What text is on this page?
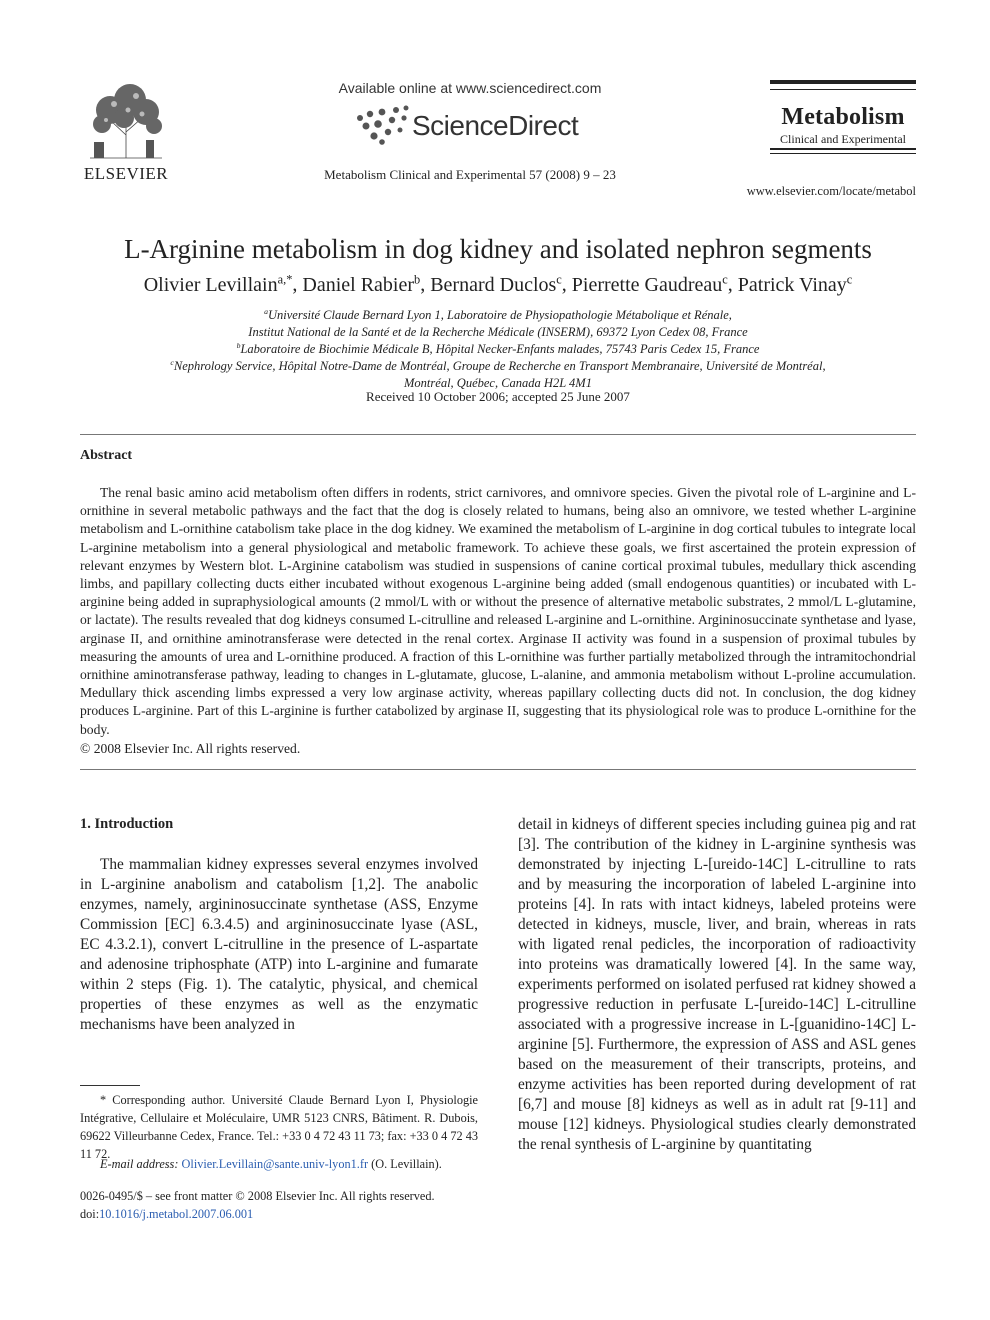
ELSEVIER
Available online at www.sciencedirect.com
ScienceDirect
Metabolism Clinical and Experimental 57 (2008) 9 – 23
Metabolism
Clinical and Experimental
www.elsevier.com/locate/metabol
L-Arginine metabolism in dog kidney and isolated nephron segments
Olivier Levillain$^{a,*}$, Daniel Rabier$^b$, Bernard Duclos$^c$, Pierrette Gaudreau$^c$, Patrick Vinay$^c$
$^a$Université Claude Bernard Lyon 1, Laboratoire de Physiopathologie Métabolique et Rénale,
Institut National de la Santé et de la Recherche Médicale (INSERM), 69372 Lyon Cedex 08, France
$^b$Laboratoire de Biochimie Médicale B, Hôpital Necker-Enfants malades, 75743 Paris Cedex 15, France
$^c$Nephrology Service, Hôpital Notre-Dame de Montréal, Groupe de Recherche en Transport Membranaire, Université de Montréal,
Montréal, Québec, Canada H2L 4M1
Received 10 October 2006; accepted 25 June 2007
Abstract
The renal basic amino acid metabolism often differs in rodents, strict carnivores, and omnivore species. Given the pivotal role of L-arginine and L-ornithine in several metabolic pathways and the fact that the dog is closely related to humans, being also an omnivore, we tested whether L-arginine metabolism and L-ornithine catabolism take place in the dog kidney. We examined the metabolism of L-arginine in dog cortical tubules to integrate local L-arginine metabolism into a general physiological and metabolic framework. To achieve these goals, we first ascertained the protein expression of relevant enzymes by Western blot. L-Arginine catabolism was studied in suspensions of canine cortical proximal tubules, medullary thick ascending limbs, and papillary collecting ducts either incubated without exogenous L-arginine being added (small endogenous quantities) or incubated with L-arginine being added in supraphysiological amounts (2 mmol/L with or without the presence of alternative metabolic substrates, 2 mmol/L L-glutamine, or lactate). The results revealed that dog kidneys consumed L-citrulline and released L-arginine and L-ornithine. Argininosuccinate synthetase and lyase, arginase II, and ornithine aminotransferase were detected in the renal cortex. Arginase II activity was found in a suspension of proximal tubules by measuring the amounts of urea and L-ornithine produced. A fraction of this L-ornithine was further partially metabolized through the intramitochondrial ornithine aminotransferase pathway, leading to changes in L-glutamate, glucose, L-alanine, and ammonia metabolism without L-proline accumulation. Medullary thick ascending limbs expressed a very low arginase activity, whereas papillary collecting ducts did not. In conclusion, the dog kidney produces L-arginine. Part of this L-arginine is further catabolized by arginase II, suggesting that its physiological role was to produce L-ornithine for the body.
© 2008 Elsevier Inc. All rights reserved.
1. Introduction
The mammalian kidney expresses several enzymes involved in L-arginine anabolism and catabolism [1,2]. The anabolic enzymes, namely, argininosuccinate synthetase (ASS, Enzyme Commission [EC] 6.3.4.5) and argininosuccinate lyase (ASL, EC 4.3.2.1), convert L-citrulline in the presence of L-aspartate and adenosine triphosphate (ATP) into L-arginine and fumarate within 2 steps (Fig. 1). The catalytic, physical, and chemical properties of these enzymes as well as the enzymatic mechanisms have been analyzed in
detail in kidneys of different species including guinea pig and rat [3]. The contribution of the kidney in L-arginine synthesis was demonstrated by injecting L-[ureido-14C] L-citrulline to rats and by measuring the incorporation of labeled L-arginine into proteins [4]. In rats with intact kidneys, labeled proteins were detected in kidneys, muscle, liver, and brain, whereas in rats with ligated renal pedicles, the incorporation of radioactivity into proteins was dramatically lowered [4]. In the same way, experiments performed on isolated perfused rat kidney showed a progressive reduction in perfusate L-[ureido-14C] L-citrulline associated with a progressive increase in L-[guanidino-14C] L-arginine [5]. Furthermore, the expression of ASS and ASL genes based on the measurement of their transcripts, proteins, and enzyme activities has been reported during development of rat [6,7] and mouse [8] kidneys as well as in adult rat [9-11] and mouse [12] kidneys. Physiological studies clearly demonstrated the renal synthesis of L-arginine by quantitating
* Corresponding author. Université Claude Bernard Lyon I, Physiologie Intégrative, Cellulaire et Moléculaire, UMR 5123 CNRS, Bâtiment. R. Dubois, 69622 Villeurbanne Cedex, France. Tel.: +33 0 4 72 43 11 73; fax: +33 0 4 72 43 11 72.
E-mail address: Olivier.Levillain@sante.univ-lyon1.fr (O. Levillain).
0026-0495/$ – see front matter © 2008 Elsevier Inc. All rights reserved.
doi:10.1016/j.metabol.2007.06.001
